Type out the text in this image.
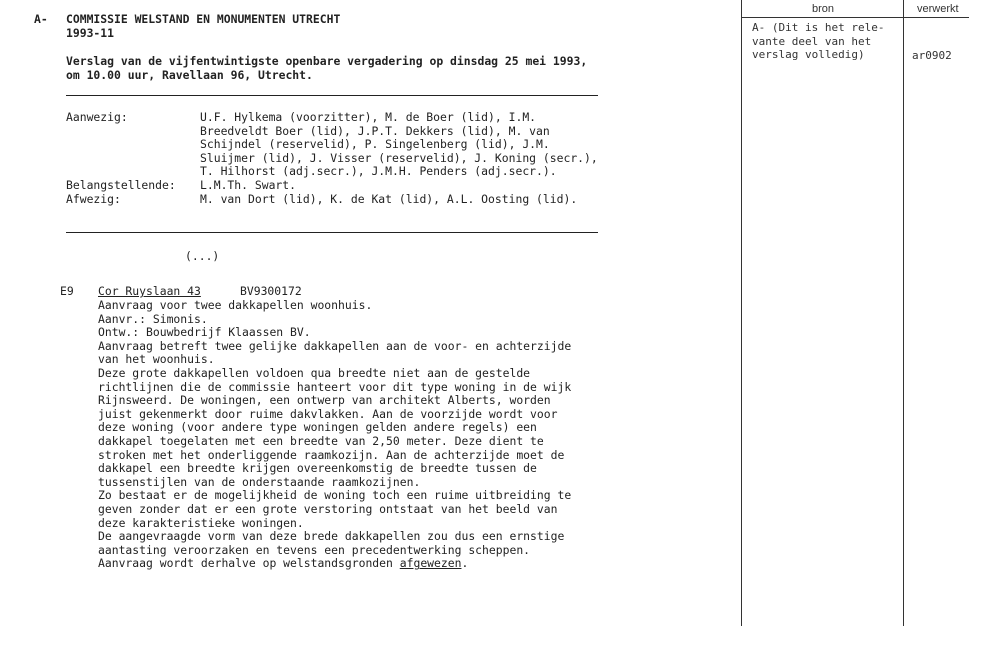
A- COMMISSIE WELSTAND EN MONUMENTEN UTRECHT
1993-11
Verslag van de vijfentwintigste openbare vergadering op dinsdag 25 mei 1993,
om 10.00 uur, Ravellaan 96, Utrecht.
Aanwezig:	U.F. Hylkema (voorzitter), M. de Boer (lid), I.M.
Breedveldt Boer (lid), J.P.T. Dekkers (lid), M. van
Schijndel (reservelid), P. Singelenberg (lid), J.M.
Sluijmer (lid), J. Visser (reservelid), J. Koning (secr.),
T. Hilhorst (adj.secr.), J.M.H. Penders (adj.secr.).
Belangstellende: L.M.Th. Swart.
Afwezig:	M. van Dort (lid), K. de Kat (lid), A.L. Oosting (lid).
(...)
E9 Cor Ruyslaan 43	BV9300172
Aanvraag voor twee dakkapellen woonhuis.
Aanvr.: Simonis.
Ontw.: Bouwbedrijf Klaassen BV.
Aanvraag betreft twee gelijke dakkapellen aan de voor- en achterzijde
van het woonhuis.
Deze grote dakkapellen voldoen qua breedte niet aan de gestelde
richtlijnen die de commissie hanteert voor dit type woning in de wijk
Rijnsweerd. De woningen, een ontwerp van architekt Alberts, worden
juist gekenmerkt door ruime dakvlakken. Aan de voorzijde wordt voor
deze woning (voor andere type woningen gelden andere regels) een
dakkapel toegelaten met een breedte van 2,50 meter. Deze dient te
stroken met het onderliggende raamkozijn. Aan de achterzijde moet de
dakkapel een breedte krijgen overeenkomstig de breedte tussen de
tussenstijlen van de onderstaande raamkozijnen.
Zo bestaat er de mogelijkheid de woning toch een ruime uitbreiding te
geven zonder dat er een grote verstoring ontstaat van het beeld van
deze karakteristieke woningen.
De aangevraagde vorm van deze brede dakkapellen zou dus een ernstige
aantasting veroorzaken en tevens een precedentwerking scheppen.
Aanvraag wordt derhalve op welstandsgronden afgewezen.
bron	verwerkt
A- (Dit is het rele-
vante deel van het
verslag volledig)	ar0902
